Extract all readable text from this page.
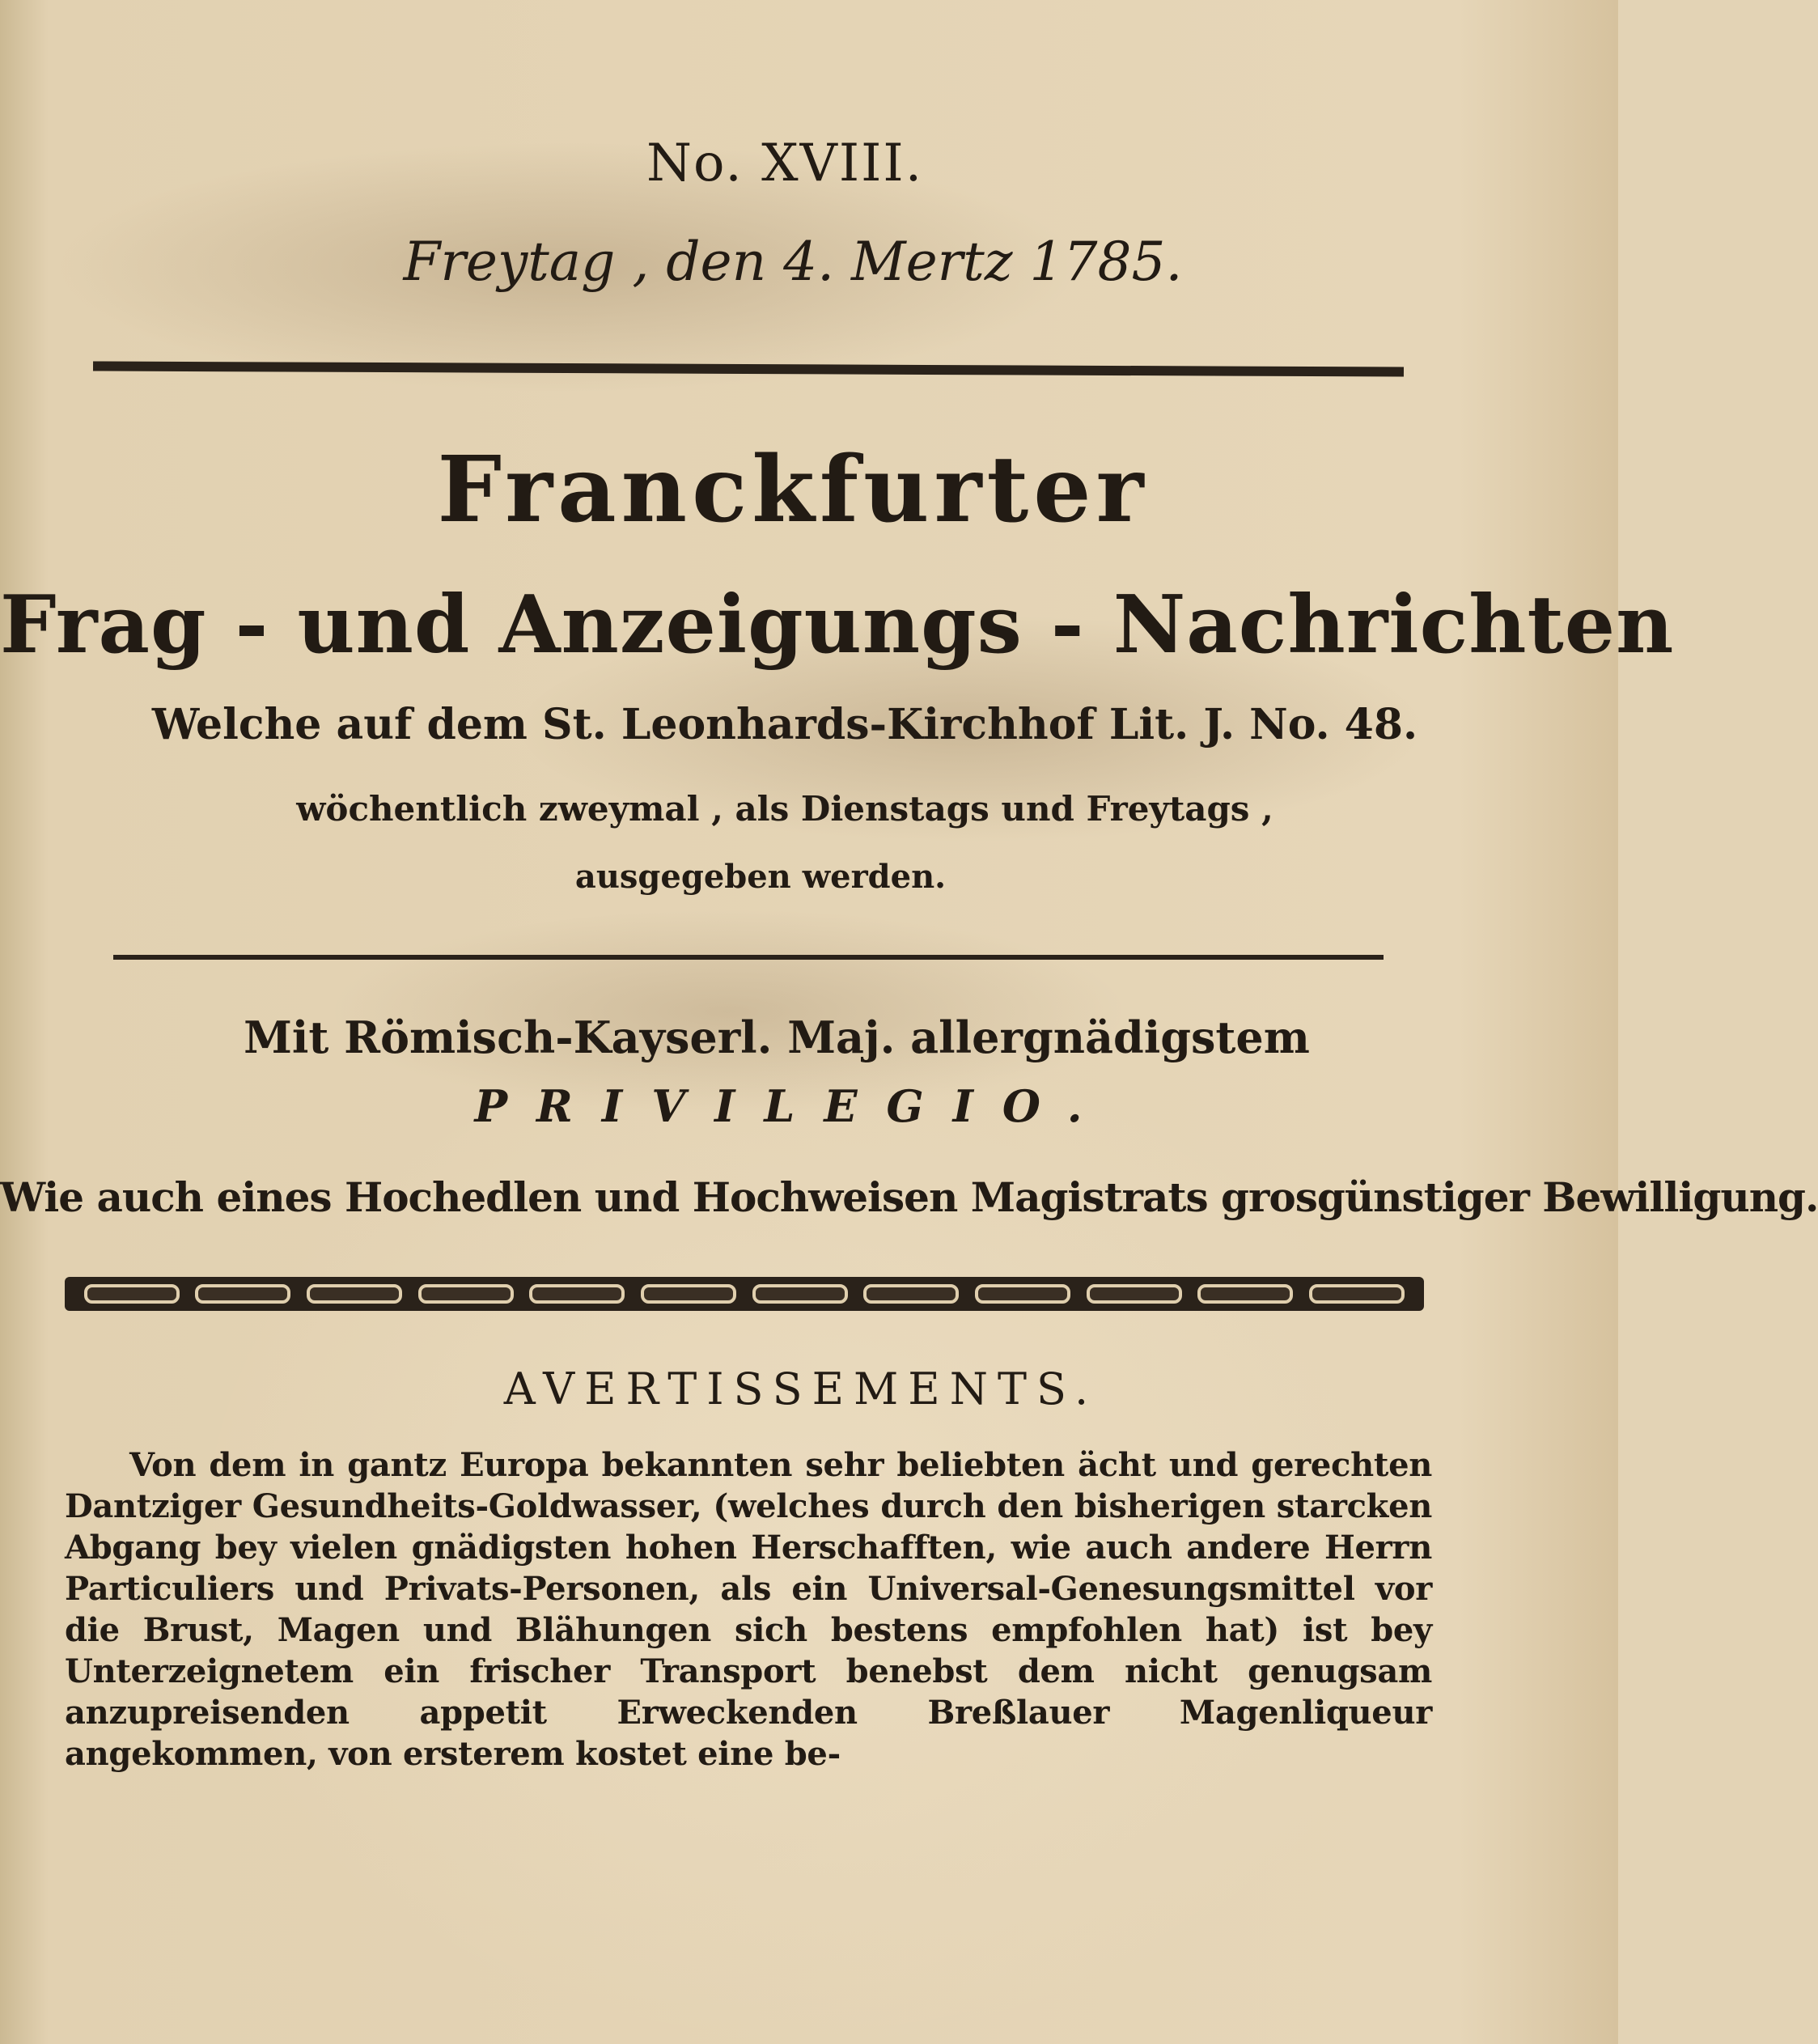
No. XVIII.
Freytag , den 4. Mertz 1785.
Franckfurter
Frag - und Anzeigungs - Nachrichten
Welche auf dem St. Leonhards-Kirchhof Lit. J. No. 48.
wöchentlich zweymal , als Dienstags und Freytags ,
ausgegeben werden.
Mit Römisch-Kayserl. Maj. allergnädigstem
PRIVILEGIO.
Wie auch eines Hochedlen und Hochweisen Magistrats grosgünstiger Bewilligung.
AVERTISSEMENTS.
Von dem in gantz Europa bekannten sehr beliebten ächt und gerechten Dantziger Gesundheits-Goldwasser, (welches durch den bisherigen starcken Abgang bey vielen gnädigsten hohen Herschafften, wie auch andere Herrn Particuliers und Privats-Personen, als ein Universal-Genesungsmittel vor die Brust, Magen und Blähungen sich bestens empfohlen hat) ist bey Unterzeignetem ein frischer Transport benebst dem nicht genugsam anzupreisenden appetit Erweckenden Breßlauer Magenliqueur angekommen, von ersterem kostet eine be-
